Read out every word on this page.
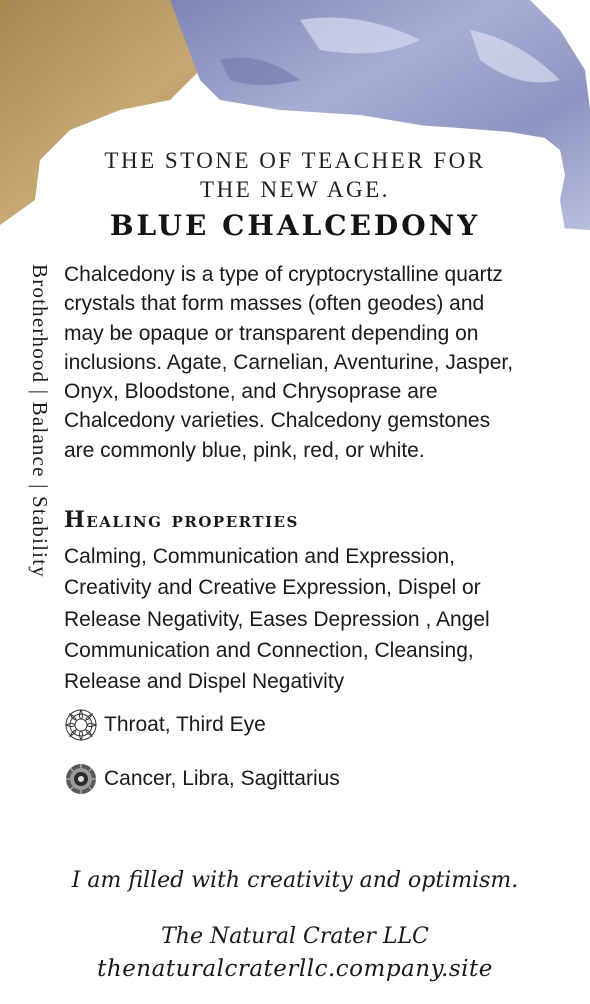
THE STONE OF TEACHER FOR
THE NEW AGE.
BLUE CHALCEDONY
Brotherhood | Balance | Stability Chalcedony is a type of cryptocrystalline quartz crystals that form masses (often geodes) and may be opaque or transparent depending on inclusions. Agate, Carnelian, Aventurine, Jasper, Onyx, Bloodstone, and Chrysoprase are Chalcedony varieties. Chalcedony gemstones are commonly blue, pink, red, or white.
Healing properties
Calming, Communication and Expression, Creativity and Creative Expression, Dispel or Release Negativity, Eases Depression , Angel Communication and Connection, Cleansing, Release and Dispel Negativity
Throat, Third Eye
Cancer, Libra, Sagittarius
I am filled with creativity and optimism.
The Natural Crater LLC
thenaturalcraterllc.company.site
